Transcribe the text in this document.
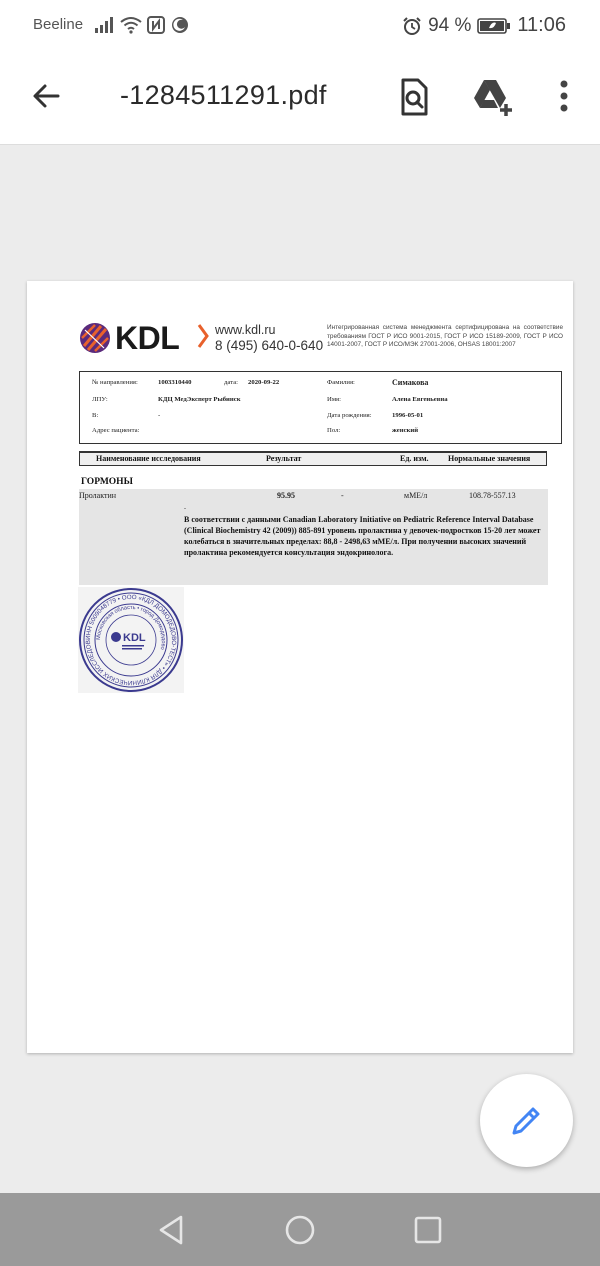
Beeline	94 % 11:06
-1284511291.pdf
KDL	www.kdl.ru
8 (495) 640-0-640
Интегрированная система менеджмента сертифицирована на соответствие требованиям ГОСТ Р ИСО 9001-2015, ГОСТ Р ИСО 15189-2009, ГОСТ Р ИСО 14001-2007, ГОСТ Р ИСО/МЭК 27001-2006, OHSAS 18001:2007
№ направления:	1003310440	дата: 2020-09-22
ЛПУ:	КДЦ МедЭксперт Рыбинск
В:	-
Адрес пациента:
Фамилия:	Симакова
Имя:	Алена Евгеньевна
Дата рождения:	1996-05-01
Пол:	женский
Наименование исследования	Результат	Ед. изм. Нормальные значения
ГОРМОНЫ
Пролактин	95.95	-	мМЕ/л	108.78-557.13
.
В соответствии с данными Canadian Laboratory Initiative on Pediatric Reference Interval Database (Clinical Biochemistry 42 (2009)) 885-891 уровень пролактина у девочек-подростков 15-20 лет может колебаться в значительных пределах: 88,8 - 2498,63 мМЕ/л. При получении высоких значений пролактина рекомендуется консультация эндокринолога.
ИНН 5009048779 • ООО «КДЛ ДОМОДЕДОВО-ТЕСТ» • ДЛЯ КЛИНИЧЕСКИХ ИССЛЕДОВ
Московская область • город Домодедово
KDL
